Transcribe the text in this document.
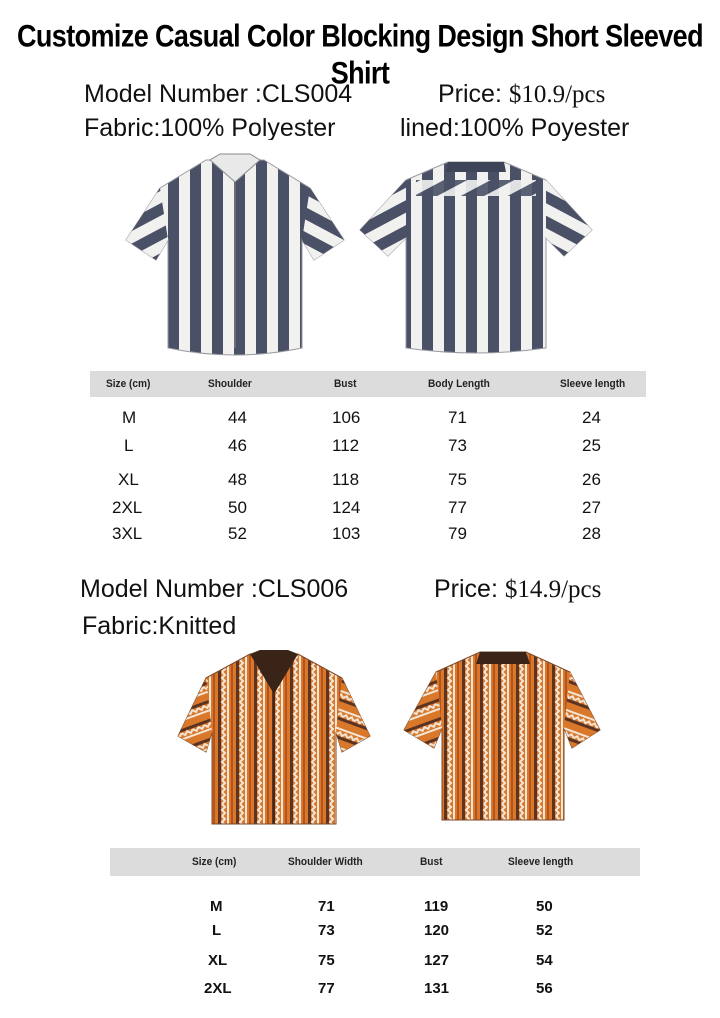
Customize Casual Color Blocking Design Short Sleeved Shirt
Model Number :CLS004	Price: $10.9/pcs
Fabric:100% Polyester	lined:100% Poyester
Size (cm)	Shoulder	Bust	Body Length	Sleeve length
M	44	106	71	24
L	46	112	73	25
XL	48	118	75	26
2XL	50	124	77	27
3XL	52	103	79	28
Model Number :CLS006	Price: $14.9/pcs
Fabric:Knitted
Size (cm)	Shoulder Width	Bust	Sleeve length
M	71	119	50
L	73	120	52
XL	75	127	54
2XL	77	131	56
